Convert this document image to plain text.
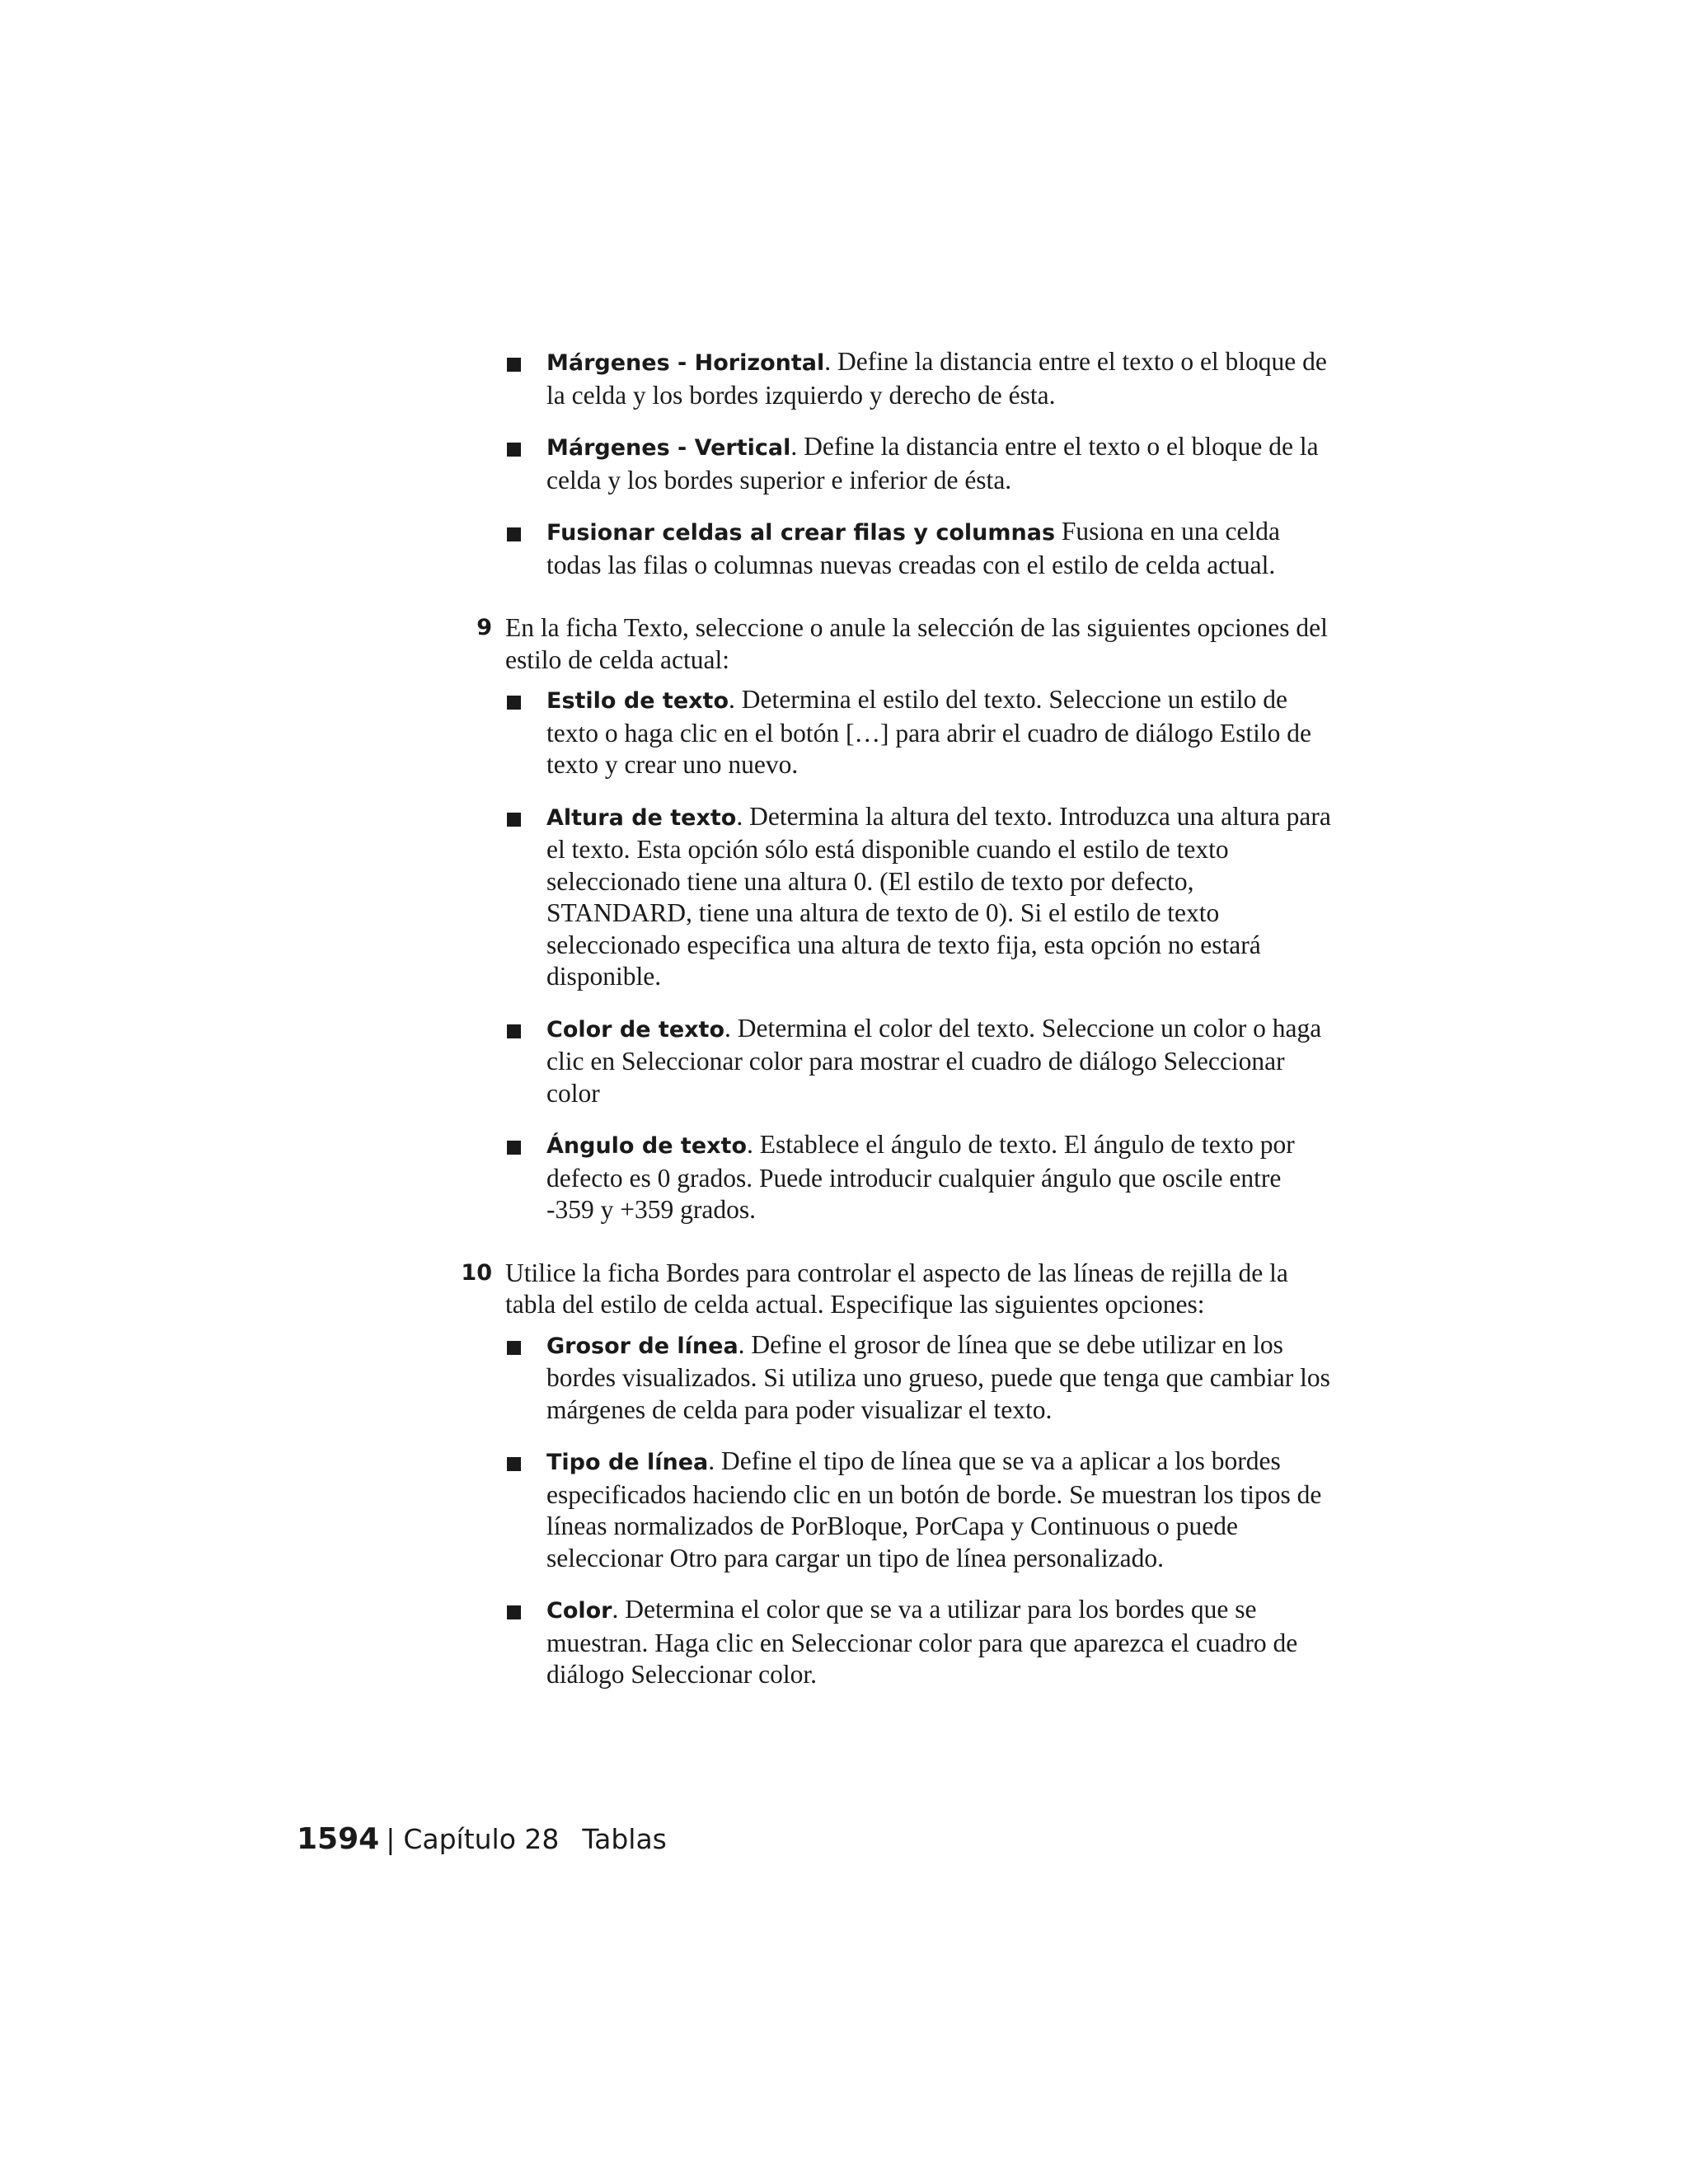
Márgenes - Horizontal. Define la distancia entre el texto o el bloque de la celda y los bordes izquierdo y derecho de ésta.
Márgenes - Vertical. Define la distancia entre el texto o el bloque de la celda y los bordes superior e inferior de ésta.
Fusionar celdas al crear filas y columnas Fusiona en una celda todas las filas o columnas nuevas creadas con el estilo de celda actual.
9 En la ficha Texto, seleccione o anule la selección de las siguientes opciones del estilo de celda actual:
Estilo de texto. Determina el estilo del texto. Seleccione un estilo de texto o haga clic en el botón […] para abrir el cuadro de diálogo Estilo de texto y crear uno nuevo.
Altura de texto. Determina la altura del texto. Introduzca una altura para el texto. Esta opción sólo está disponible cuando el estilo de texto seleccionado tiene una altura 0. (El estilo de texto por defecto, STANDARD, tiene una altura de texto de 0). Si el estilo de texto seleccionado especifica una altura de texto fija, esta opción no estará disponible.
Color de texto. Determina el color del texto. Seleccione un color o haga clic en Seleccionar color para mostrar el cuadro de diálogo Seleccionar color
Ángulo de texto. Establece el ángulo de texto. El ángulo de texto por defecto es 0 grados. Puede introducir cualquier ángulo que oscile entre -359 y +359 grados.
10 Utilice la ficha Bordes para controlar el aspecto de las líneas de rejilla de la tabla del estilo de celda actual. Especifique las siguientes opciones:
Grosor de línea. Define el grosor de línea que se debe utilizar en los bordes visualizados. Si utiliza uno grueso, puede que tenga que cambiar los márgenes de celda para poder visualizar el texto.
Tipo de línea. Define el tipo de línea que se va a aplicar a los bordes especificados haciendo clic en un botón de borde. Se muestran los tipos de líneas normalizados de PorBloque, PorCapa y Continuous o puede seleccionar Otro para cargar un tipo de línea personalizado.
Color. Determina el color que se va a utilizar para los bordes que se muestran. Haga clic en Seleccionar color para que aparezca el cuadro de diálogo Seleccionar color.
1594 | Capítulo 28 Tablas
